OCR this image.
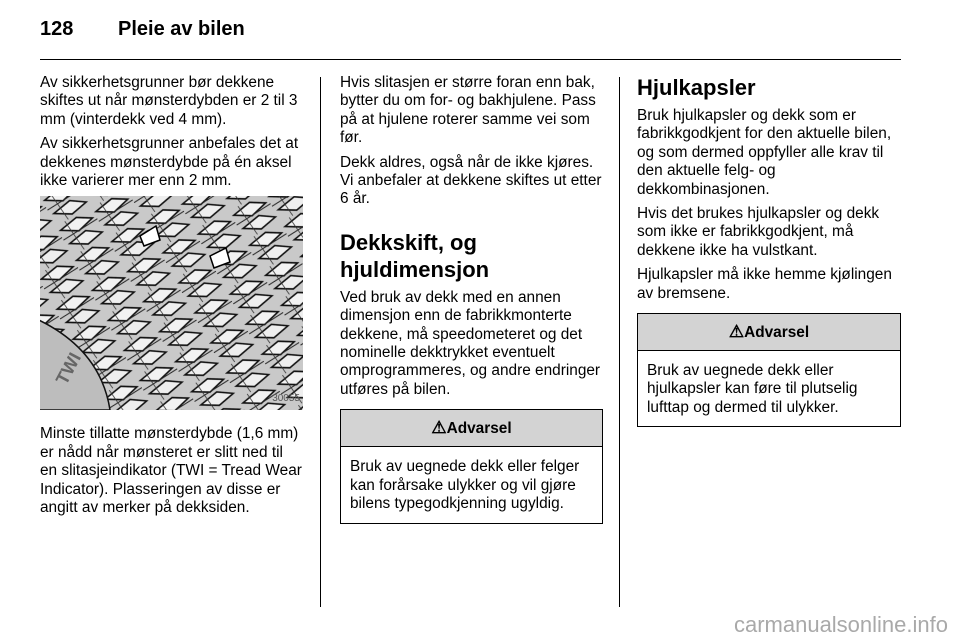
128 Pleie av bilen

Av sikkerhetsgrunner bør dekkene skiftes ut når mønsterdybden er 2 til 3 mm (vinterdekk ved 4 mm).

Av sikkerhetsgrunner anbefales det at dekkenes mønsterdybde på én aksel ikke varierer mer enn 2 mm.

TWI
30055

Minste tillatte mønsterdybde (1,6 mm) er nådd når mønsteret er slitt ned til en slitasjeindikator (TWI = Tread Wear Indicator). Plasseringen av disse er angitt av merker på dekksiden.

Hvis slitasjen er større foran enn bak, bytter du om for- og bakhjulene. Pass på at hjulene roterer samme vei som før.

Dekk aldres, også når de ikke kjøres. Vi anbefaler at dekkene skiftes ut etter 6 år.

Dekkskift, og hjuldimensjon

Ved bruk av dekk med en annen dimensjon enn de fabrikkmonterte dekkene, må speedometeret og det nominelle dekktrykket eventuelt omprogrammeres, og andre endringer utføres på bilen.

⚠Advarsel
Bruk av uegnede dekk eller felger kan forårsake ulykker og vil gjøre bilens typegodkjenning ugyldig.
Hjulkapsler

Bruk hjulkapsler og dekk som er fabrikkgodkjent for den aktuelle bilen, og som dermed oppfyller alle krav til den aktuelle felg- og dekkombinasjonen.

Hvis det brukes hjulkapsler og dekk som ikke er fabrikkgodkjent, må dekkene ikke ha vulstkant.

Hjulkapsler må ikke hemme kjølingen av bremsene.

⚠Advarsel
Bruk av uegnede dekk eller hjulkapsler kan føre til plutselig lufttap og dermed til ulykker.
carmanualsonline.info
